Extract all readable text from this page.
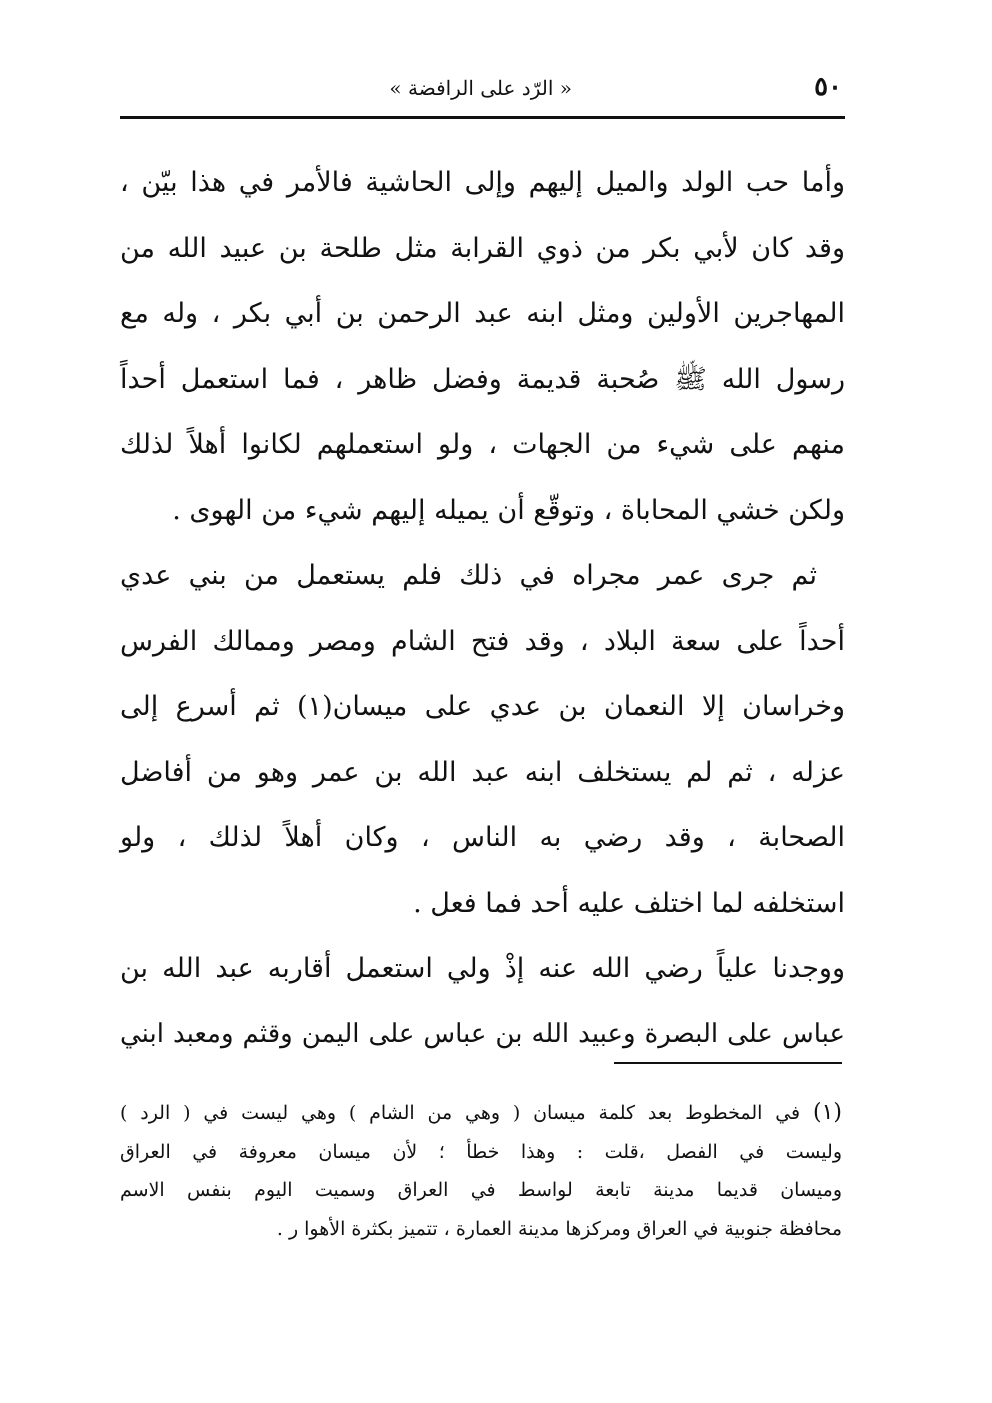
٥٠
« الرّد على الرافضة »
وأما حب الولد والميل إليهم وإلى الحاشية فالأمر في هذا بيّن ،
وقد كان لأبي بكر من ذوي القرابة مثل طلحة بن عبيد الله من
المهاجرين الأولين ومثل ابنه عبد الرحمن بن أبي بكر ، وله مع
رسول الله ﷺ صُحبة قديمة وفضل ظاهر ، فما استعمل أحداً
منهم على شيء من الجهات ، ولو استعملهم لكانوا أهلاً لذلك
ولكن خشي المحاباة ، وتوقّع أن يميله إليهم شيء من الهوى .
ثم جرى عمر مجراه في ذلك فلم يستعمل من بني عدي
أحداً على سعة البلاد ، وقد فتح الشام ومصر وممالك الفرس
وخراسان إلا النعمان بن عدي على ميسان(١) ثم أسرع إلى
عزله ، ثم لم يستخلف ابنه عبد الله بن عمر وهو من أفاضل
الصحابة ، وقد رضي به الناس ، وكان أهلاً لذلك ، ولو
استخلفه لما اختلف عليه أحد فما فعل .
ووجدنا علياً رضي الله عنه إذْ ولي استعمل أقاربه عبد الله بن
عباس على البصرة وعبيد الله بن عباس على اليمن وقثم ومعبد ابني
(١) في المخطوط بعد كلمة ميسان ( وهي من الشام ) وهي ليست في ( الرد )
وليست في الفصل ،قلت : وهذا خطأ ؛ لأن ميسان معروفة في العراق
وميسان قديما مدينة تابعة لواسط في العراق وسميت اليوم بنفس الاسم
محافظة جنوبية في العراق ومركزها مدينة العمارة ، تتميز بكثرة الأهوا ر .
